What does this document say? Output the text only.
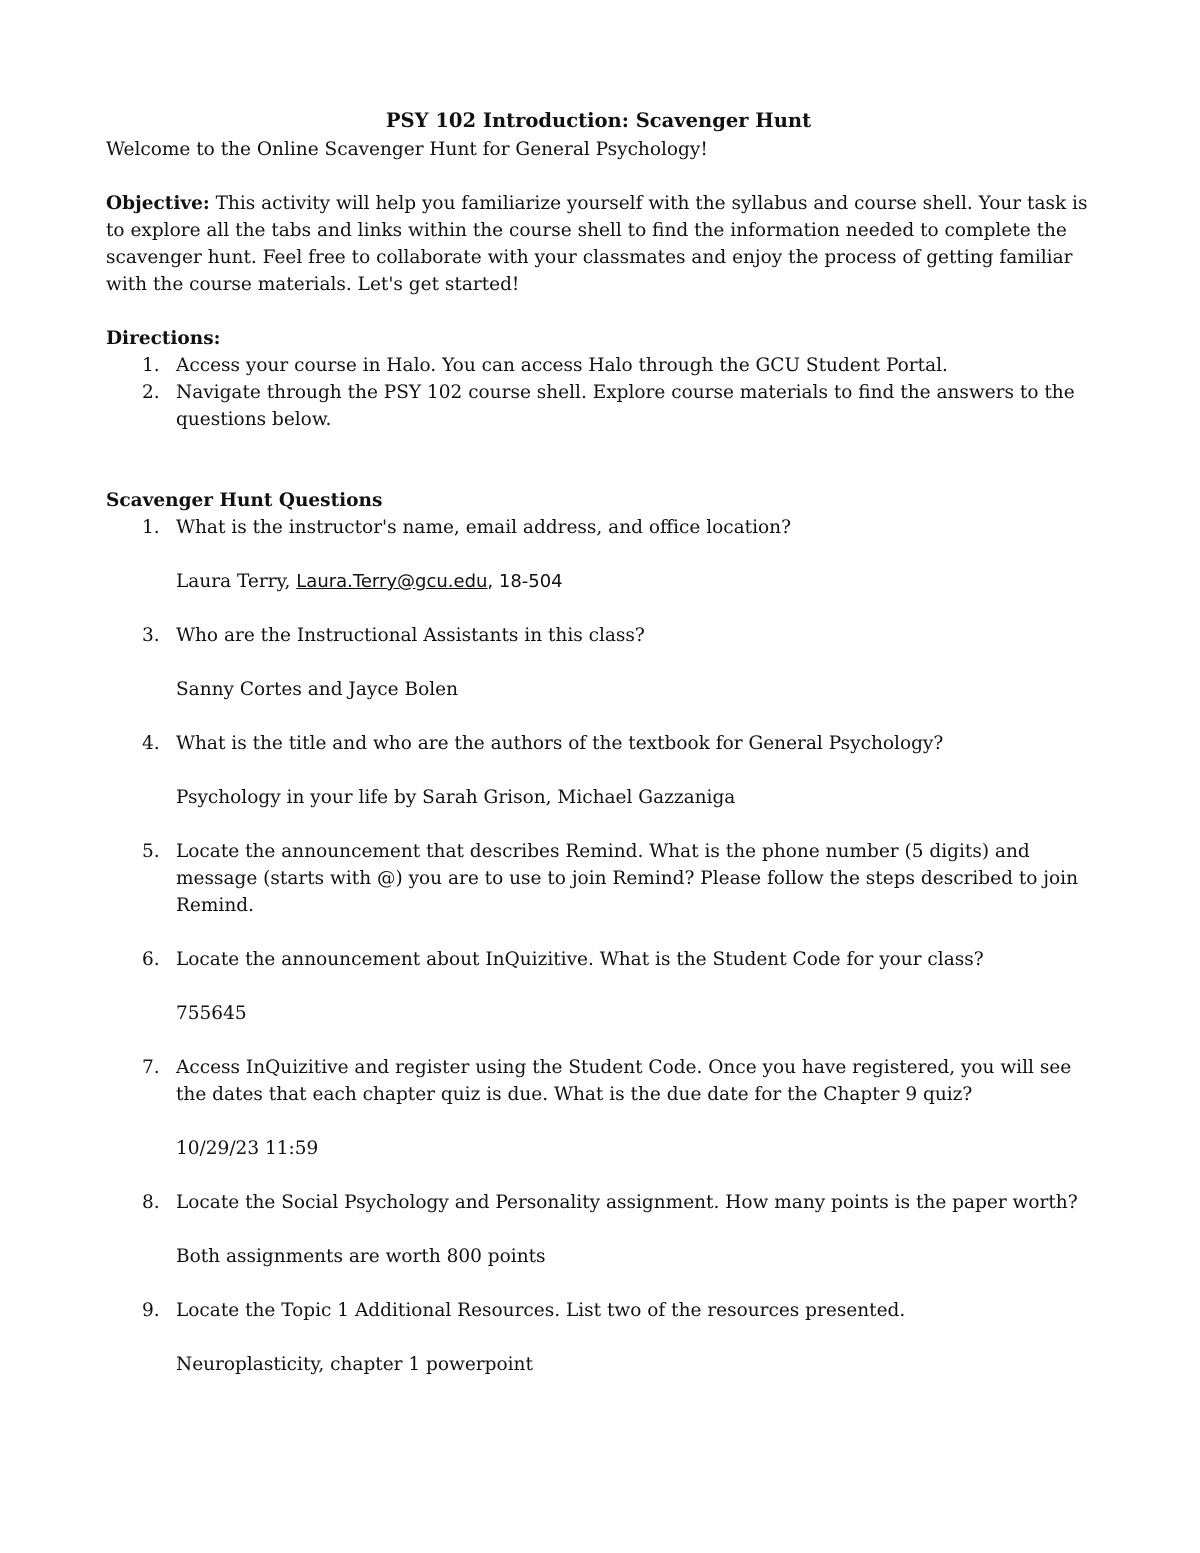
PSY 102 Introduction: Scavenger Hunt

Welcome to the Online Scavenger Hunt for General Psychology!

Objective: This activity will help you familiarize yourself with the syllabus and course shell. Your task is to explore all the tabs and links within the course shell to find the information needed to complete the scavenger hunt. Feel free to collaborate with your classmates and enjoy the process of getting familiar with the course materials. Let's get started!

Directions:

1. Access your course in Halo. You can access Halo through the GCU Student Portal.
2. Navigate through the PSY 102 course shell. Explore course materials to find the answers to the questions below.

Scavenger Hunt Questions

1. What is the instructor's name, email address, and office location?

Laura Terry, Laura.Terry@gcu.edu, 18-504

3. Who are the Instructional Assistants in this class?

Sanny Cortes and Jayce Bolen

4. What is the title and who are the authors of the textbook for General Psychology?

Psychology in your life by Sarah Grison, Michael Gazzaniga

5. Locate the announcement that describes Remind. What is the phone number (5 digits) and message (starts with @) you are to use to join Remind? Please follow the steps described to join Remind.
6. Locate the announcement about InQuizitive. What is the Student Code for your class?

755645

7. Access InQuizitive and register using the Student Code. Once you have registered, you will see the dates that each chapter quiz is due. What is the due date for the Chapter 9 quiz?

10/29/23 11:59

8. Locate the Social Psychology and Personality assignment. How many points is the paper worth?

Both assignments are worth 800 points

9. Locate the Topic 1 Additional Resources. List two of the resources presented.

Neuroplasticity, chapter 1 powerpoint
